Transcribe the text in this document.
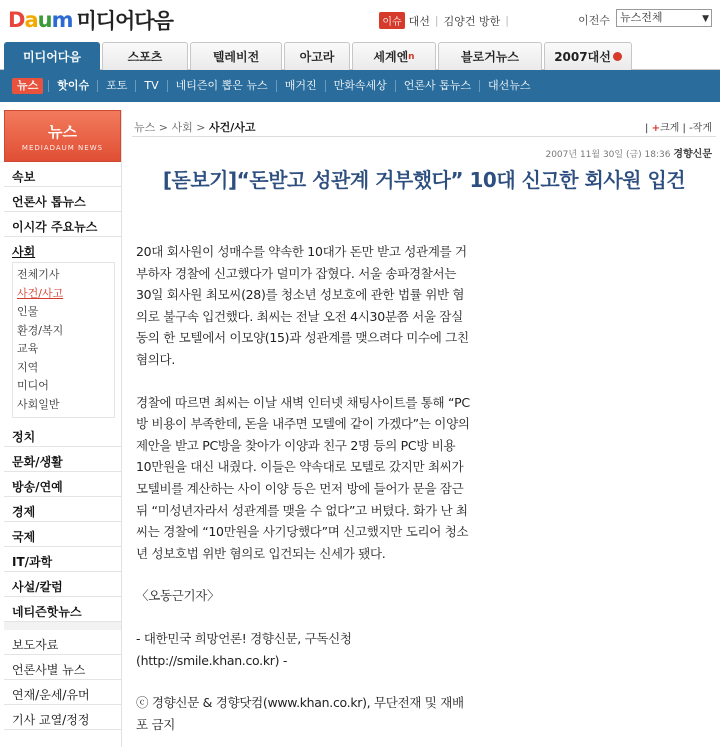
Daum 미디어다음	이슈 대선 | 김양건 방한 |	이전수 뉴스전체	▼
미디어다음	스포츠	텔레비전	아고라	세계엔 n	블로거뉴스	2007대선
뉴스	핫이슈	포토	TV	네티즌이 뽑은 뉴스	매거진	만화속세상	언론사 톱뉴스	대선뉴스
뉴스
MEDIADAUM NEWS
속보
언론사 톱뉴스
이시각 주요뉴스
사회
전체기사
사건/사고
인물
환경/복지
교육
지역
미디어
사회일반
정치
문화/생활
방송/연예
경제
국제
IT/과학
사설/칼럼
네티즌핫뉴스
보도자료
언론사별 뉴스
연재/운세/유머
기사 교열/정정
뉴스 > 사회 > 사건/사고	| +크게 | -작게
2007년 11월 30일 (금) 18:36 경향신문
[돋보기]“돈받고 성관계 거부했다” 10대 신고한 회사원 입건

20대 회사원이 성매수를 약속한 10대가 돈만 받고 성관계를 거부하자 경찰에 신고했다가 덜미가 잡혔다. 서울 송파경찰서는 30일 회사원 최모씨(28)를 청소년 성보호에 관한 법률 위반 혐의로 불구속 입건했다. 최씨는 전날 오전 4시30분쯤 서울 잠실동의 한 모텔에서 이모양(15)과 성관계를 맺으려다 미수에 그친 혐의다.

경찰에 따르면 최씨는 이날 새벽 인터넷 채팅사이트를 통해 “PC방 비용이 부족한데, 돈을 내주면 모텔에 같이 가겠다”는 이양의 제안을 받고 PC방을 찾아가 이양과 친구 2명 등의 PC방 비용 10만원을 대신 내줬다. 이들은 약속대로 모텔로 갔지만 최씨가 모텔비를 계산하는 사이 이양 등은 먼저 방에 들어가 문을 잠근 뒤 “미성년자라서 성관계를 맺을 수 없다”고 버텼다. 화가 난 최씨는 경찰에 “10만원을 사기당했다”며 신고했지만 도리어 청소년 성보호법 위반 혐의로 입건되는 신세가 됐다.

〈오동근기자〉

- 대한민국 희망언론! 경향신문, 구독신청 (http://smile.khan.co.kr) -

ⓒ 경향신문 & 경향닷컴(www.khan.co.kr), 무단전재 및 재배포 금지
